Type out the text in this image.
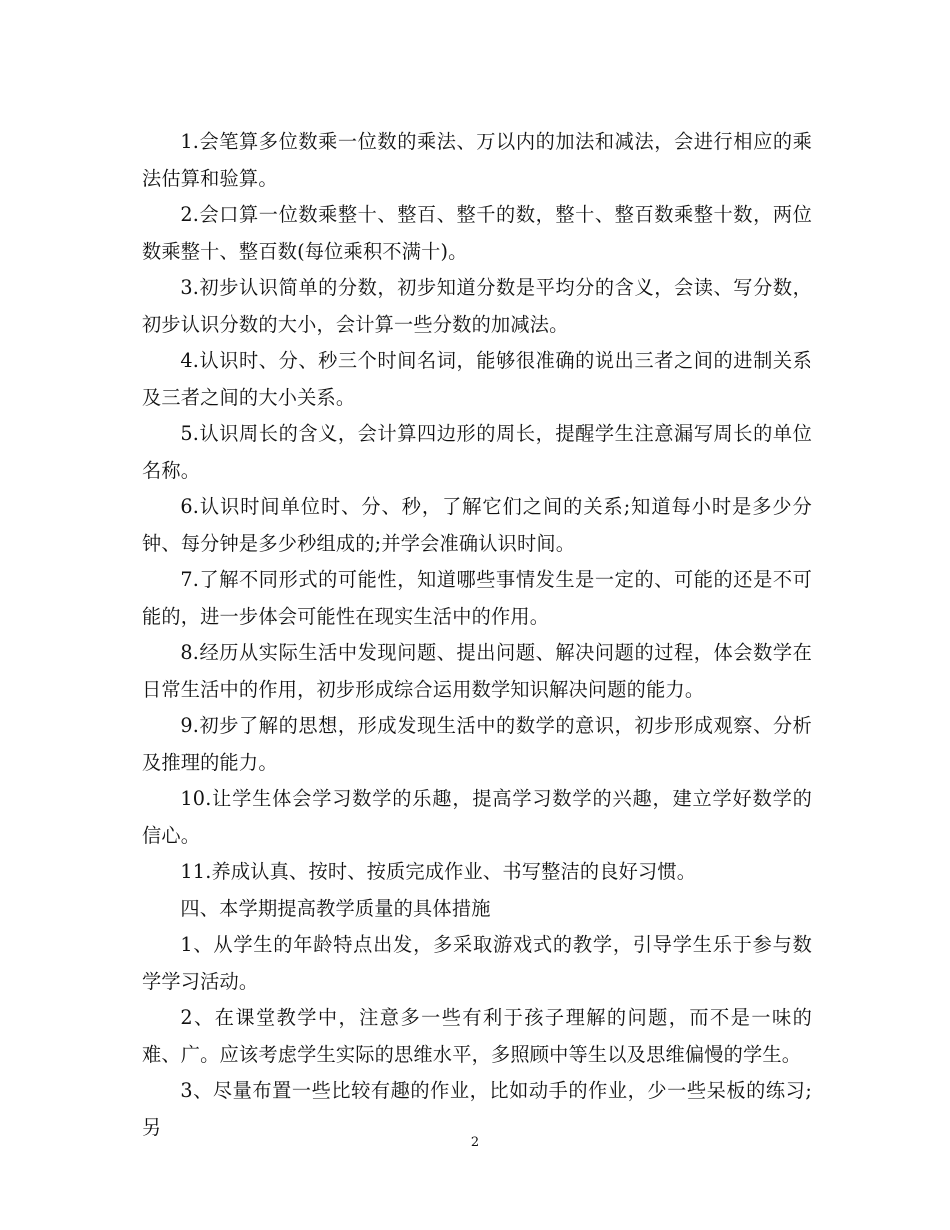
1.会笔算多位数乘一位数的乘法、万以内的加法和减法，会进行相应的乘法估算和验算。

2.会口算一位数乘整十、整百、整千的数，整十、整百数乘整十数，两位数乘整十、整百数(每位乘积不满十)。

3.初步认识简单的分数，初步知道分数是平均分的含义，会读、写分数，初步认识分数的大小，会计算一些分数的加减法。

4.认识时、分、秒三个时间名词，能够很准确的说出三者之间的进制关系及三者之间的大小关系。

5.认识周长的含义，会计算四边形的周长，提醒学生注意漏写周长的单位名称。

6.认识时间单位时、分、秒，了解它们之间的关系;知道每小时是多少分钟、每分钟是多少秒组成的;并学会准确认识时间。

7.了解不同形式的可能性，知道哪些事情发生是一定的、可能的还是不可能的，进一步体会可能性在现实生活中的作用。

8.经历从实际生活中发现问题、提出问题、解决问题的过程，体会数学在日常生活中的作用，初步形成综合运用数学知识解决问题的能力。

9.初步了解的思想，形成发现生活中的数学的意识，初步形成观察、分析及推理的能力。

10.让学生体会学习数学的乐趣，提高学习数学的兴趣，建立学好数学的信心。

11.养成认真、按时、按质完成作业、书写整洁的良好习惯。

四、本学期提高教学质量的具体措施

1、从学生的年龄特点出发，多采取游戏式的教学，引导学生乐于参与数学学习活动。

2、在课堂教学中，注意多一些有利于孩子理解的问题，而不是一味的难、广。应该考虑学生实际的思维水平，多照顾中等生以及思维偏慢的学生。

3、尽量布置一些比较有趣的作业，比如动手的作业，少一些呆板的练习;另

2
